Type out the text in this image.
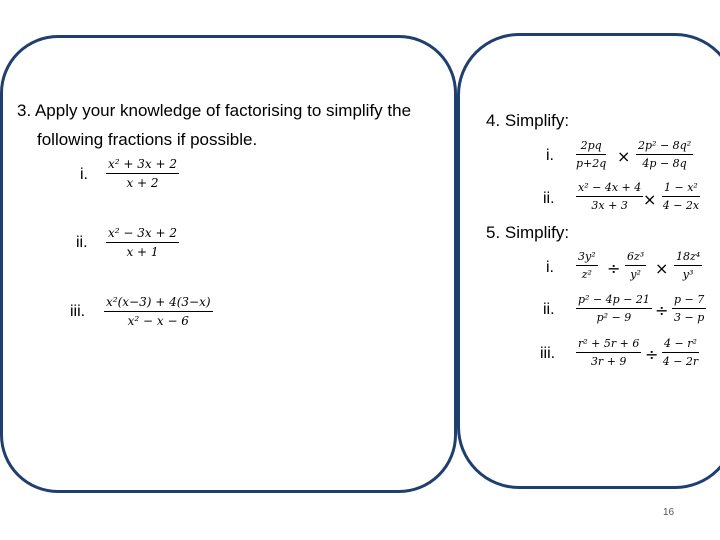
3. Apply your knowledge of factorising to simplify the
following fractions if possible.
i. $\frac{\text{x² + 3x + 2}}{x + 2}$
ii. $\frac{\text{x² − 3x + 2}}{x + 1}$
iii. $\frac{\text{x²(x−3) + 4(3−x)}}{\text{x² − x − 6}}$
4. Simplify:
i. $\frac{2pq}{p+2q} \times \frac{\text{2p² − 8q²}}{4p - 8q}$
ii. $\frac{\text{x² − 4x + 4}}{3x + 3} \times \frac{\text{1 − x²}}{4 - 2x}$
5. Simplify:
i. $\frac{\text{3y²}}{\text{z²}} \div \frac{\text{6z³}}{\text{y²}} \times \frac{\text{18z⁴}}{\text{y³}}$
ii. $\frac{\text{p² − 4p − 21}}{\text{p² − 9}} \div \frac{p - 7}{3 - p}$
iii. $\frac{\text{r² + 5r + 6}}{3r + 9} \div \frac{\text{4 − r²}}{4 - 2r}$
16
